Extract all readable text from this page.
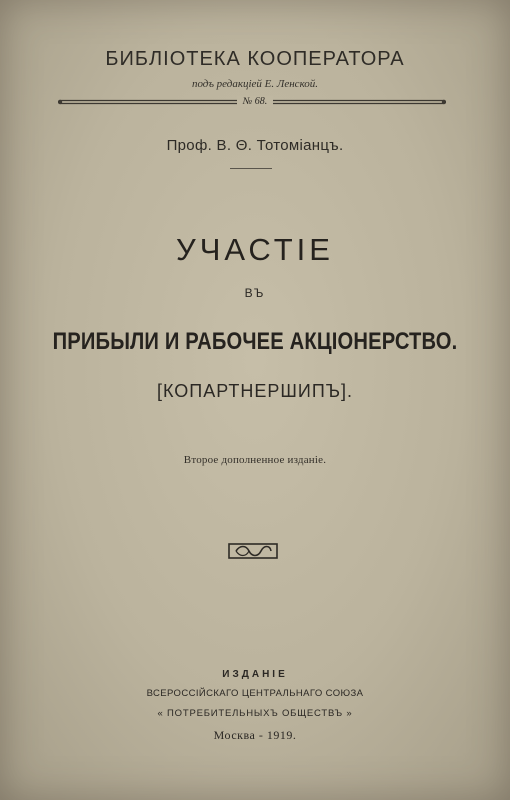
БИБЛIОТЕКА КООПЕРАТОРА
подъ редакцiей Е. Ленской.
№ 68.
Проф. В. Θ. Тотомiанцъ.
УЧАСТIЕ
ВЪ
ПРИБЫЛИ И РАБОЧЕЕ АКЦIОНЕРСТВО.
[КОПАРТНЕРШИПЪ].
Второе дополненное изданiе.
ИЗДАНIЕ
ВСЕРОССIЙСКАГО ЦЕНТРАЛЬНАГО СОЮЗА
« ПОТРЕБИТЕЛЬНЫХЪ ОБЩЕСТВЪ »
Москва - 1919.
